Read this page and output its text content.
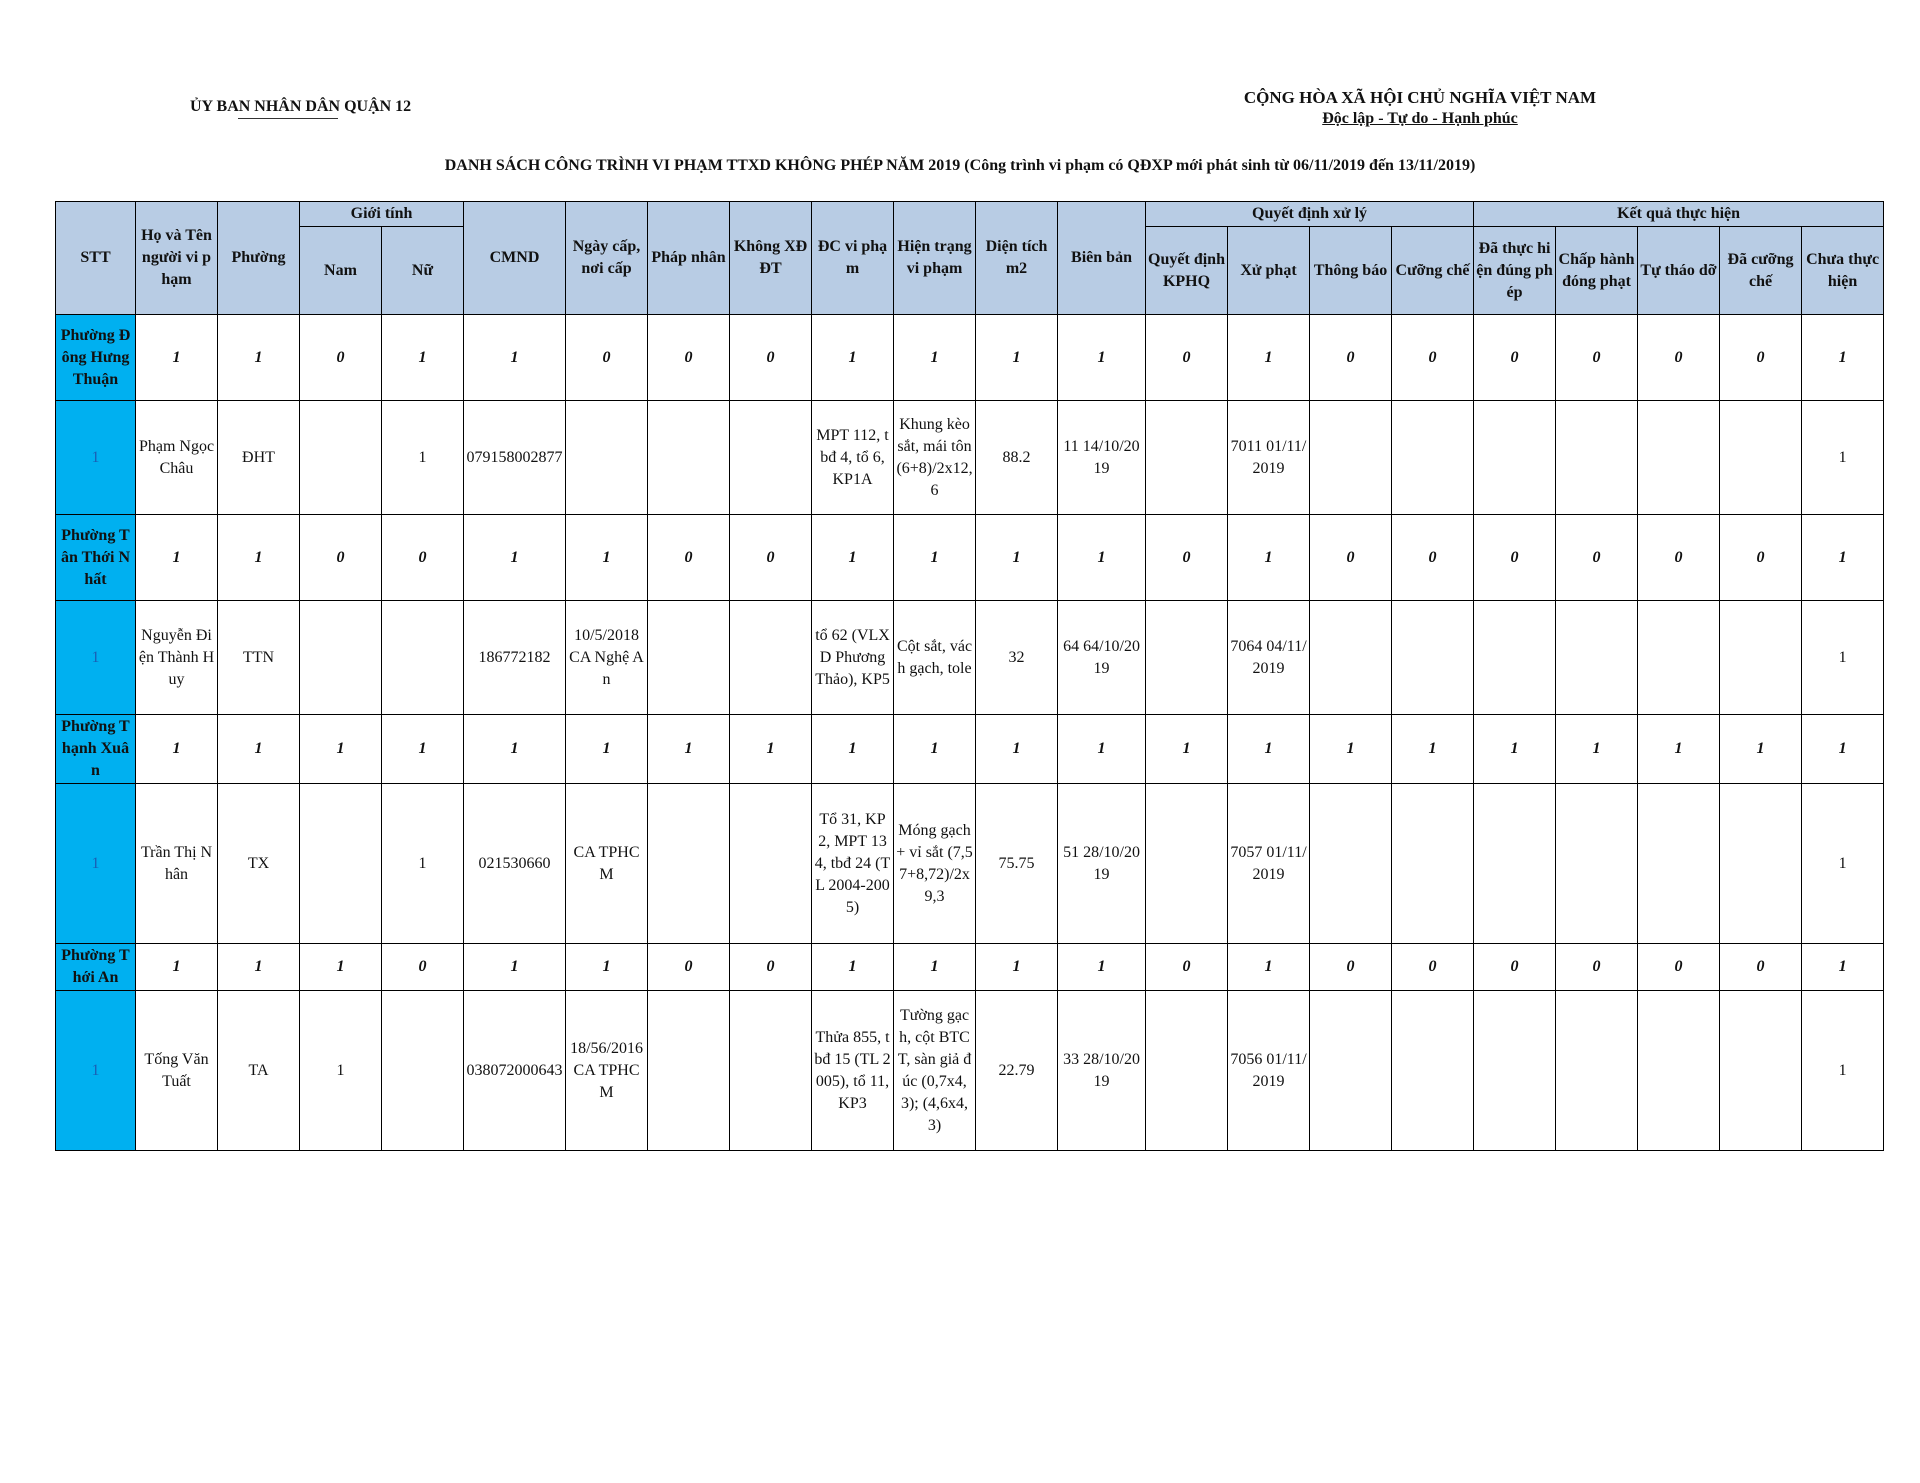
ỦY BAN NHÂN DÂN QUẬN 12	CỘNG HÒA XÃ HỘI CHỦ NGHĨA VIỆT NAM
Độc lập - Tự do - Hạnh phúc
DANH SÁCH CÔNG TRÌNH VI PHẠM TTXD KHÔNG PHÉP NĂM 2019 (Công trình vi phạm có QĐXP mới phát sinh từ 06/11/2019 đến 13/11/2019)
STT	Họ và Tên người vi phạm	Phường	Giới tính		CMND	Ngày cấp, nơi cấp	Pháp nhân	Không XĐĐT	ĐC vi phạm	Hiện trạng vi phạm	Diện tích m2	Biên bản	Quyết định xử lý				Kết quả thực hiện				
			Nam	Nữ									Quyết định KPHQ	Xử phạt	Thông báo	Cưỡng chế	Đã thực hiện đúng phép	Chấp hành đóng phạt	Tự tháo dỡ	Đã cưỡng chế	Chưa thực hiện
Phường Đông Hưng Thuận	1	1	0	1	1	0	0	0	1	1	1	1	0	1	0	0	0	0	0	0	1
1	Phạm Ngọc Châu	ĐHT		1	079158002877				MPT 112, tbđ 4, tổ 6, KP1A	Khung kèo sắt, mái tôn (6+8)/2x12,6	88.2	11 14/10/2019		7011 01/11/2019							1
Phường Tân Thới Nhất	1	1	0	0	1	1	0	0	1	1	1	1	0	1	0	0	0	0	0	0	1
1	Nguyễn Điện Thành Huy	TTN			186772182	10/5/2018 CA Nghệ An			tổ 62 (VLXD Phương Thảo), KP5	Cột sắt, vách gạch, tole	32	64 64/10/2019		7064 04/11/2019							1
Phường Thạnh Xuân	1	1	1	1	1	1	1	1	1	1	1	1	1	1	1	1	1	1	1	1	1
1	Trần Thị Nhân	TX		1	021530660	CA TPHCM			Tổ 31, KP2, MPT 134, tbđ 24 (TL 2004-2005)	Móng gạch + vỉ sắt (7,57+8,72)/2x9,3	75.75	51 28/10/2019		7057 01/11/2019							1
Phường Thới An	1	1	1	0	1	1	0	0	1	1	1	1	0	1	0	0	0	0	0	0	1
1	Tống Văn Tuất	TA	1		038072000643	18/56/2016 CA TPHCM			Thửa 855, tbđ 15 (TL 2005), tổ 11, KP3	Tường gạch, cột BTCT, sàn giả đúc (0,7x4,3); (4,6x4,3)	22.79	33 28/10/2019		7056 01/11/2019							1
